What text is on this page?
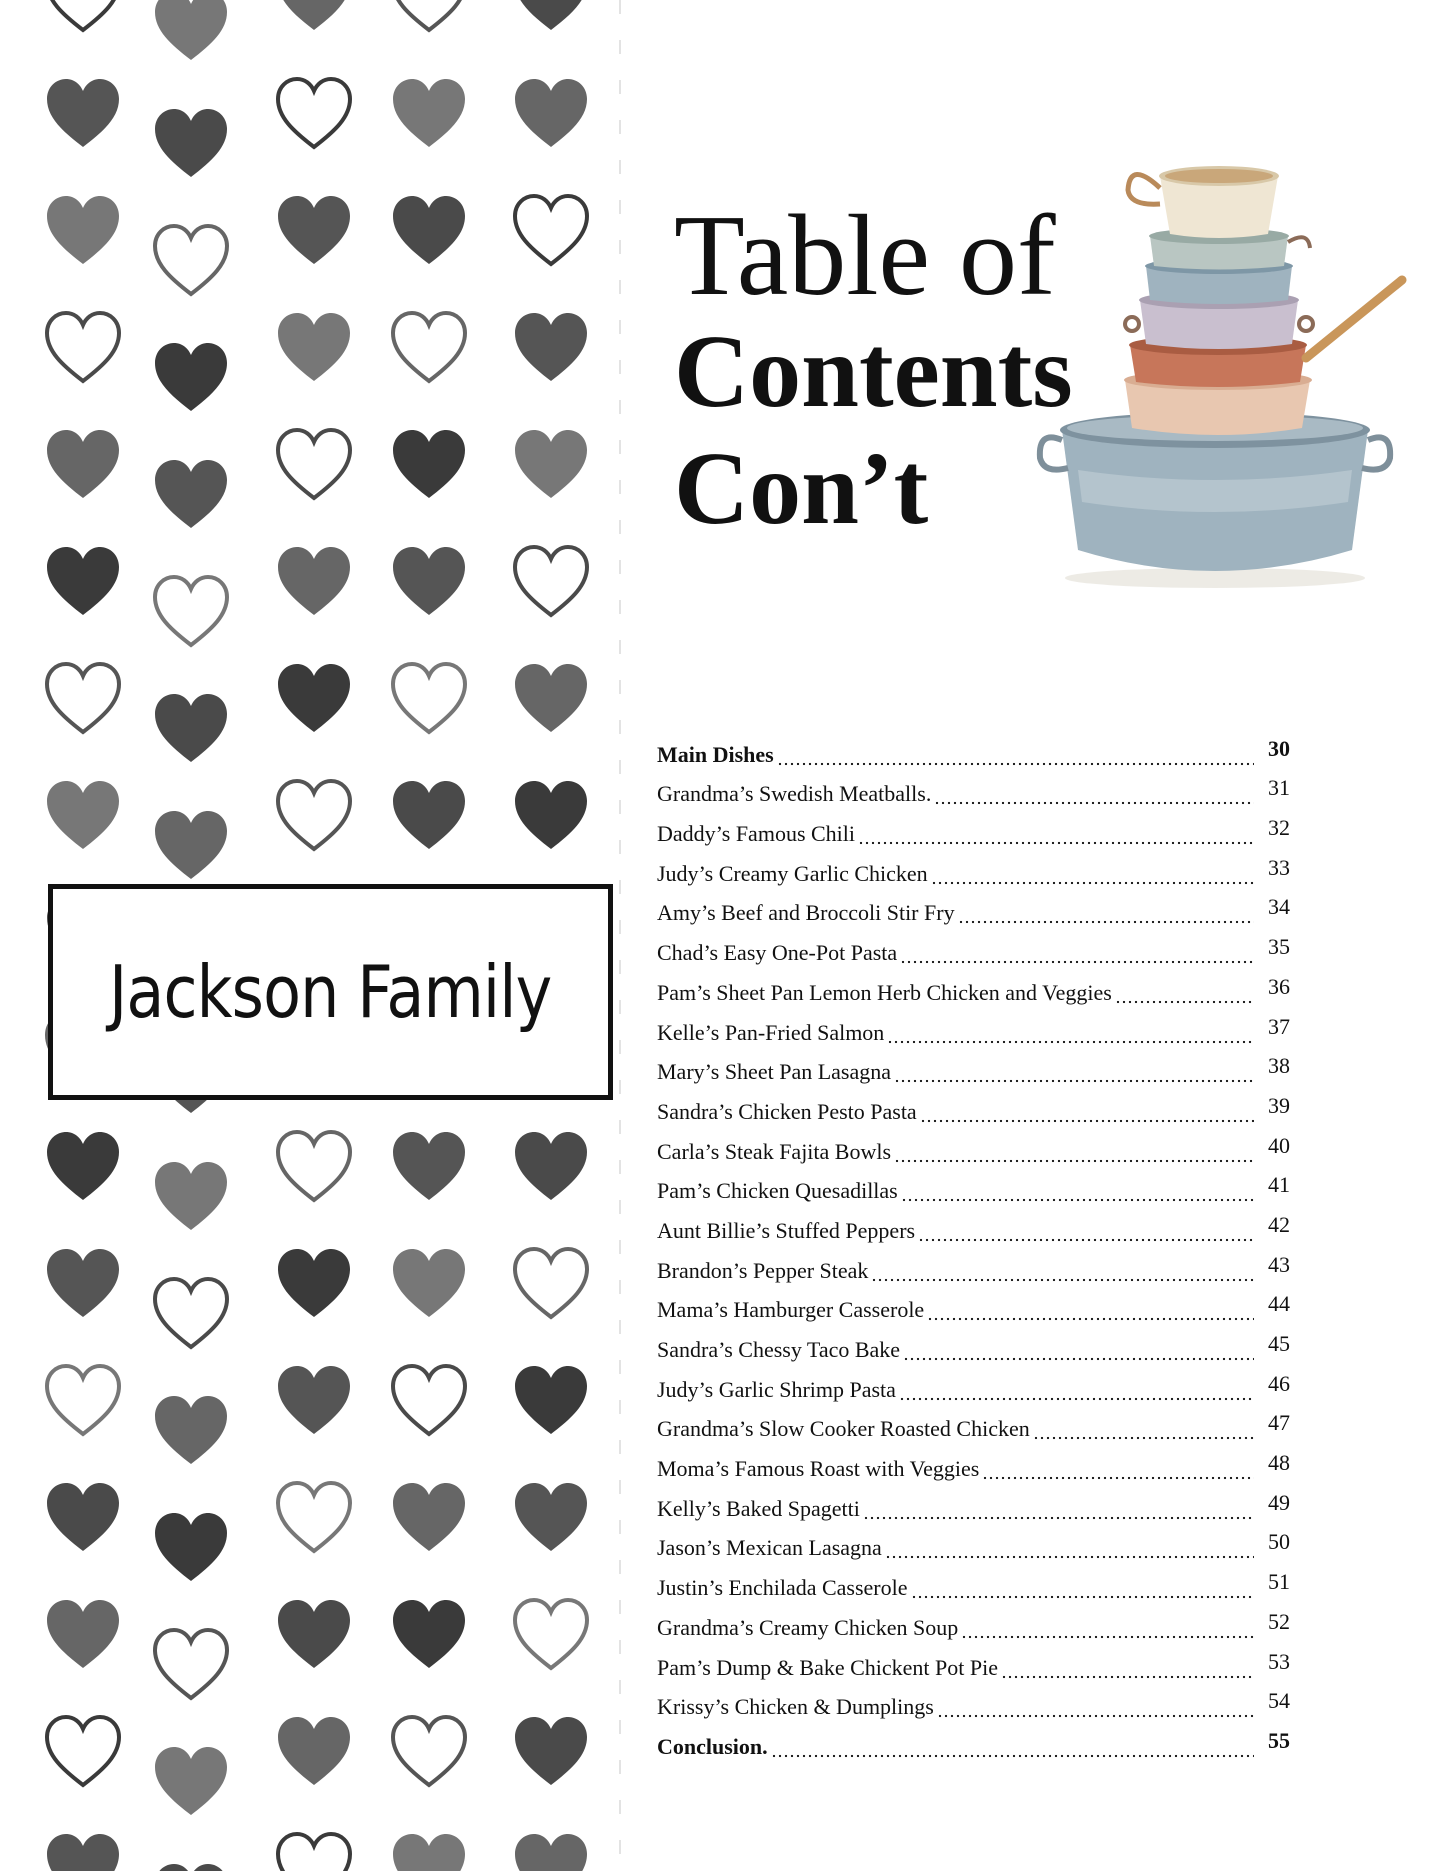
Jackson Family
Table of
Contents
Con’t
Main Dishes	30
Grandma’s Swedish Meatballs.	31
Daddy’s Famous Chili	32
Judy’s Creamy Garlic Chicken	33
Amy’s Beef and Broccoli Stir Fry	34
Chad’s Easy One-Pot Pasta	35
Pam’s Sheet Pan Lemon Herb Chicken and Veggies	36
Kelle’s Pan-Fried Salmon	37
Mary’s Sheet Pan Lasagna	38
Sandra’s Chicken Pesto Pasta	39
Carla’s Steak Fajita Bowls	40
Pam’s Chicken Quesadillas	41
Aunt Billie’s Stuffed Peppers	42
Brandon’s Pepper Steak	43
Mama’s Hamburger Casserole	44
Sandra’s Chessy Taco Bake	45
Judy’s Garlic Shrimp Pasta	46
Grandma’s Slow Cooker Roasted Chicken	47
Moma’s Famous Roast with Veggies	48
Kelly’s Baked Spagetti	49
Jason’s Mexican Lasagna	50
Justin’s Enchilada Casserole	51
Grandma’s Creamy Chicken Soup	52
Pam’s Dump & Bake Chickent Pot Pie	53
Krissy’s Chicken & Dumplings	54
Conclusion.	55
